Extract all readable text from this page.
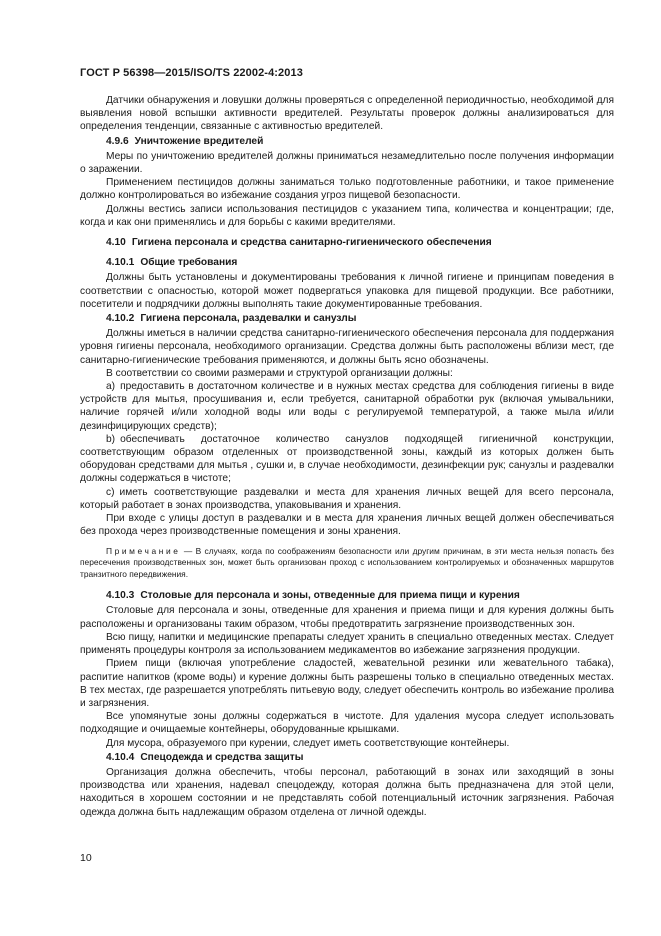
ГОСТ Р 56398—2015/ISO/TS 22002-4:2013

Датчики обнаружения и ловушки должны проверяться с определенной периодичностью, необходимой для выявления новой вспышки активности вредителей. Результаты проверок должны анализироваться для определения тенденции, связанные с активностью вредителей.

4.9.6 Уничтожение вредителей

Меры по уничтожению вредителей должны приниматься незамедлительно после получения информации о заражении.

Применением пестицидов должны заниматься только подготовленные работники, и такое применение должно контролироваться во избежание создания угроз пищевой безопасности.

Должны вестись записи использования пестицидов с указанием типа, количества и концентрации; где, когда и как они применялись и для борьбы с какими вредителями.

4.10 Гигиена персонала и средства санитарно-гигиенического обеспечения

4.10.1 Общие требования

Должны быть установлены и документированы требования к личной гигиене и принципам поведения в соответствии с опасностью, которой может подвергаться упаковка для пищевой продукции. Все работники, посетители и подрядчики должны выполнять такие документированные требования.

4.10.2 Гигиена персонала, раздевалки и санузлы

Должны иметься в наличии средства санитарно-гигиенического обеспечения персонала для поддержания уровня гигиены персонала, необходимого организации. Средства должны быть расположены вблизи мест, где санитарно-гигиенические требования применяются, и должны быть ясно обозначены.

В соответствии со своими размерами и структурой организации должны:

а) предоставить в достаточном количестве и в нужных местах средства для соблюдения гигиены в виде устройств для мытья, просушивания и, если требуется, санитарной обработки рук (включая умывальники, наличие горячей и/или холодной воды или воды с регулируемой температурой, а также мыла и/или дезинфицирующих средств);

b) обеспечивать достаточное количество санузлов подходящей гигиеничной конструкции, соответствующим образом отделенных от производственной зоны, каждый из которых должен быть оборудован средствами для мытья , сушки и, в случае необходимости, дезинфекции рук; санузлы и раздевалки должны содержаться в чистоте;

c) иметь соответствующие раздевалки и места для хранения личных вещей для всего персонала, который работает в зонах производства, упаковывания и хранения.

При входе с улицы доступ в раздевалки и в места для хранения личных вещей должен обеспечиваться без прохода через производственные помещения и зоны хранения.

Примечание — В случаях, когда по соображениям безопасности или другим причинам, в эти места нельзя попасть без пересечения производственных зон, может быть организован проход с использованием контролируемых и обозначенных маршрутов транзитного передвижения.

4.10.3 Столовые для персонала и зоны, отведенные для приема пищи и курения

Столовые для персонала и зоны, отведенные для хранения и приема пищи и для курения должны быть расположены и организованы таким образом, чтобы предотвратить загрязнение производственных зон.

Всю пищу, напитки и медицинские препараты следует хранить в специально отведенных местах. Следует применять процедуры контроля за использованием медикаментов во избежание загрязнения продукции.

Прием пищи (включая употребление сладостей, жевательной резинки или жевательного табака), распитие напитков (кроме воды) и курение должны быть разрешены только в специально отведенных местах. В тех местах, где разрешается употреблять питьевую воду, следует обеспечить контроль во избежание пролива и загрязнения.

Все упомянутые зоны должны содержаться в чистоте. Для удаления мусора следует использовать подходящие и очищаемые контейнеры, оборудованные крышками.

Для мусора, образуемого при курении, следует иметь соответствующие контейнеры.

4.10.4 Спецодежда и средства защиты

Организация должна обеспечить, чтобы персонал, работающий в зонах или заходящий в зоны производства или хранения, надевал спецодежду, которая должна быть предназначена для этой цели, находиться в хорошем состоянии и не представлять собой потенциальный источник загрязнения. Рабочая одежда должна быть надлежащим образом отделена от личной одежды.

10
